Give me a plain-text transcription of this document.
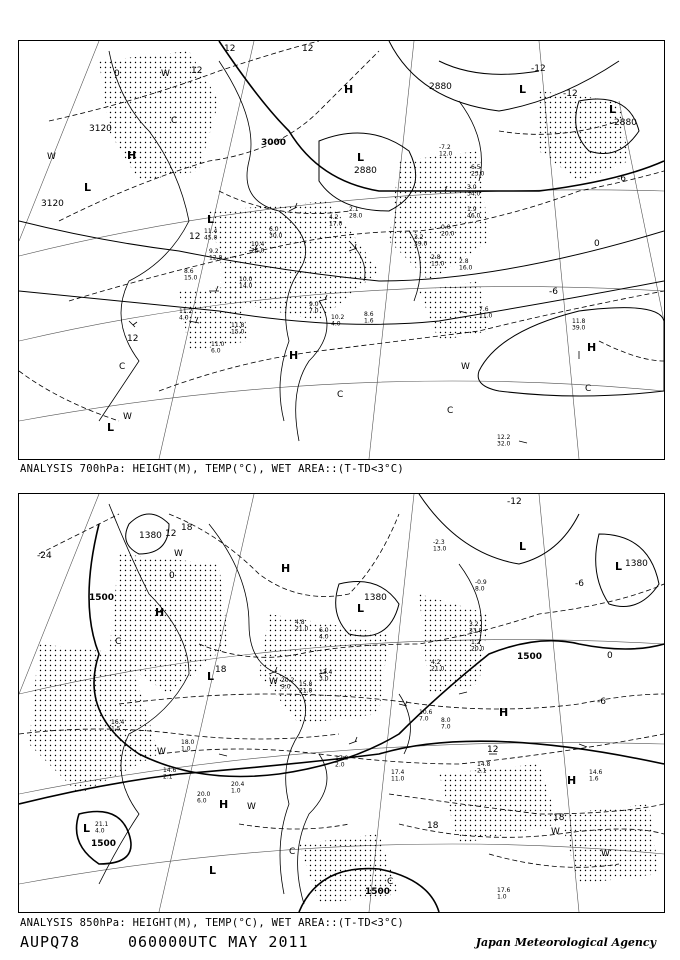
H
L
H
L
L
L
L
H
H
L
W
C
W
W
C
C
W
C
C
3120
3120
3000
2880
2880
2880
0	12
12
-12
-12
12
-6
0
-6
12
12
4.2 17.0
2.1 28.0
10.4 26.0
6.0 30.0
11.4 45.0
8.6 15.0
9.2 12.0
10.0 14.0
11.2 4.0
11.8 15.0
11.0 6.0
9.0 7.0
10.2 4.0
8.6 1.6
3.2 39.0
2.8 13.0 2.8 16.0
0.0 20.0
7.6 11.0
11.8 39.0
6.5 23.0
3.0 34.0
1.9 46.0
12.2 32.0
-7.2 12.0
ANALYSIS 700hPa: HEIGHT(M), TEMP(°C), WET AREA::(T-TD<3°C)
H
H
L
L
L
L
H
H
H
L
L
W
W
W
C
W
W
C
C
W
1380
1500	1380
1500
1380
1500
1500
-24
18
18
-12
-6
0
-6
12
18
18
0
12
20.2 9.0	15.8 21.0
13.4 3.0
6.0 4.0
4.8 21.0
1.2 20.0
17.4 11.0
14.8 2.1
20.4 1.0
17.0 2.0
10.6 7.0	8.0 7.0
4.2 21.0
16.4 1.5
14.6 1.6
20.0 6.0
21.1 4.0
17.6 1.0
3.2 33.0
-0.9 8.0
-2.3 13.0
14.6 2.1
18.0 1.0
ANALYSIS 850hPa: HEIGHT(M), TEMP(°C), WET AREA::(T-TD<3°C)
AUPQ78	060000UTC MAY 2011	Japan Meteorological Agency
